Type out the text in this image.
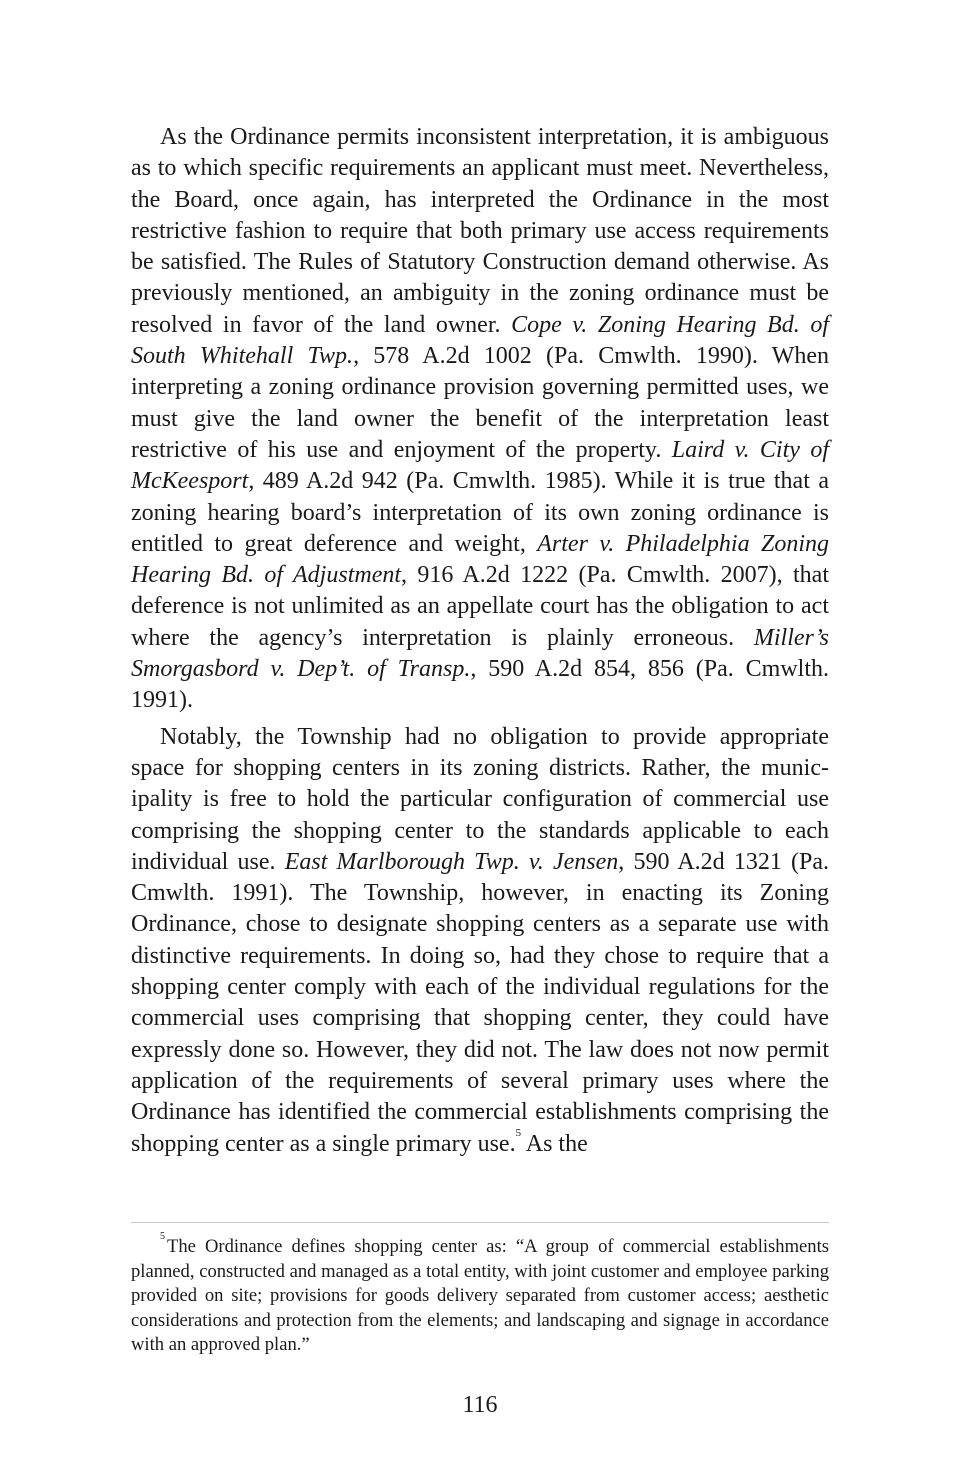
As the Ordinance permits inconsistent interpretation, it is ambiguous as to which specific requirements an applicant must meet. Nevertheless, the Board, once again, has interpreted the Ordinance in the most restrictive fashion to require that both primary use access requirements be satisfied. The Rules of Statutory Construction demand otherwise. As previously mentioned, an ambiguity in the zoning ordinance must be resolved in favor of the land owner. Cope v. Zoning Hearing Bd. of South Whitehall Twp., 578 A.2d 1002 (Pa. Cmwlth. 1990). When interpreting a zoning ordinance provision governing permitted uses, we must give the land owner the benefit of the interpretation least restrictive of his use and enjoyment of the property. Laird v. City of McKeesport, 489 A.2d 942 (Pa. Cmwlth. 1985). While it is true that a zoning hearing board’s interpretation of its own zoning ordinance is entitled to great deference and weight, Arter v. Philadelphia Zoning Hearing Bd. of Adjustment, 916 A.2d 1222 (Pa. Cmwlth. 2007), that deference is not unlimited as an appellate court has the obligation to act where the agency’s interpretation is plainly erroneous. Miller’s Smorgasbord v. Dep’t. of Transp., 590 A.2d 854, 856 (Pa. Cmwlth. 1991).

Notably, the Township had no obligation to provide appropriate space for shopping centers in its zoning districts. Rather, the municipality is free to hold the particular configuration of commercial use comprising the shopping center to the standards applicable to each individual use. East Marlborough Twp. v. Jensen, 590 A.2d 1321 (Pa. Cmwlth. 1991). The Township, however, in enacting its Zoning Ordinance, chose to designate shopping centers as a separate use with distinctive requirements. In doing so, had they chose to require that a shopping center comply with each of the individual regulations for the commercial uses comprising that shopping center, they could have expressly done so. However, they did not. The law does not now permit application of the requirements of several primary uses where the Ordinance has identified the commercial establishments comprising the shopping center as a single primary use.$^5$ As the

$^5$ The Ordinance defines shopping center as: “A group of commercial establishments planned, constructed and managed as a total entity, with joint customer and employee parking provided on site; provisions for goods delivery separated from customer access; aesthetic considerations and protection from the elements; and landscaping and signage in accordance with an approved plan.”

116
